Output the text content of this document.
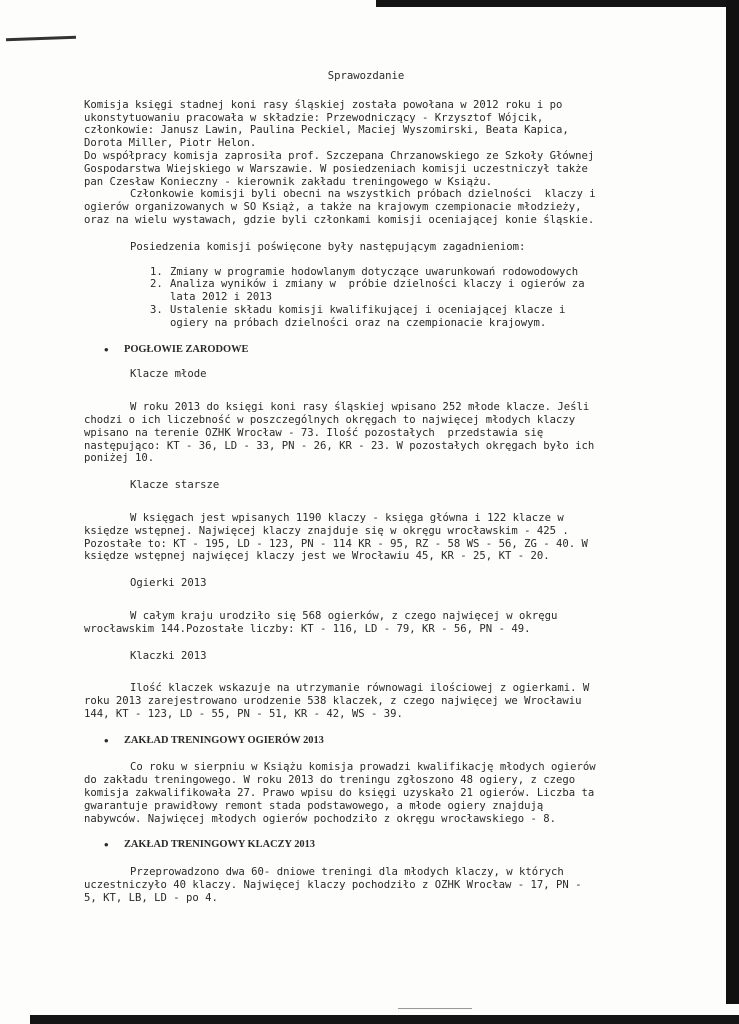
Sprawozdanie

Komisja księgi stadnej koni rasy śląskiej została powołana w 2012 roku i po

ukonstytuowaniu pracowała w składzie: Przewodniczący - Krzysztof Wójcik,

członkowie: Janusz Lawin, Paulina Peckiel, Maciej Wyszomirski, Beata Kapica,

Dorota Miller, Piotr Helon.

Do współpracy komisja zaprosiła prof. Szczepana Chrzanowskiego ze Szkoły Głównej

Gospodarstwa Wiejskiego w Warszawie. W posiedzeniach komisji uczestniczył także

pan Czesław Konieczny - kierownik zakładu treningowego w Książu.

Członkowie komisji byli obecni na wszystkich próbach dzielności  klaczy i

ogierów organizowanych w SO Książ, a także na krajowym czempionacie młodzieży,

oraz na wielu wystawach, gdzie byli członkami komisji oceniającej konie śląskie.

Posiedzenia komisji poświęcone były następującym zagadnieniom:

1. Zmiany w programie hodowlanym dotyczące uwarunkowań rodowodowych

2. Analiza wyników i zmiany w  próbie dzielności klaczy i ogierów za

lata 2012 i 2013

3. Ustalenie składu komisji kwalifikującej i oceniającej klacze i

ogiery na próbach dzielności oraz na czempionacie krajowym.

•	POGŁOWIE ZARODOWE

Klacze młode

W roku 2013 do księgi koni rasy śląskiej wpisano 252 młode klacze. Jeśli

chodzi o ich liczebność w poszczególnych okręgach to najwięcej młodych klaczy

wpisano na terenie OZHK Wrocław - 73. Ilość pozostałych  przedstawia się

następująco: KT - 36, LD - 33, PN - 26, KR - 23. W pozostałych okręgach było ich

poniżej 10.

Klacze starsze

W księgach jest wpisanych 1190 klaczy - księga główna i 122 klacze w

księdze wstępnej. Najwięcej klaczy znajduje się w okręgu wrocławskim - 425 .

Pozostałe to: KT - 195, LD - 123, PN - 114 KR - 95, RZ - 58 WS - 56, ZG - 40. W

księdze wstępnej najwięcej klaczy jest we Wrocławiu 45, KR - 25, KT - 20.

Ogierki 2013

W całym kraju urodziło się 568 ogierków, z czego najwięcej w okręgu

wrocławskim 144.Pozostałe liczby: KT - 116, LD - 79, KR - 56, PN - 49.

Klaczki 2013

Ilość klaczek wskazuje na utrzymanie równowagi ilościowej z ogierkami. W

roku 2013 zarejestrowano urodzenie 538 klaczek, z czego najwięcej we Wrocławiu

144, KT - 123, LD - 55, PN - 51, KR - 42, WS - 39.

•	ZAKŁAD TRENINGOWY OGIERÓW 2013

Co roku w sierpniu w Książu komisja prowadzi kwalifikację młodych ogierów

do zakładu treningowego. W roku 2013 do treningu zgłoszono 48 ogiery, z czego

komisja zakwalifikowała 27. Prawo wpisu do księgi uzyskało 21 ogierów. Liczba ta

gwarantuje prawidłowy remont stada podstawowego, a młode ogiery znajdują

nabywców. Najwięcej młodych ogierów pochodziło z okręgu wrocławskiego - 8.

•	ZAKŁAD TRENINGOWY KLACZY 2013

Przeprowadzono dwa 60- dniowe treningi dla młodych klaczy, w których

uczestniczyło 40 klaczy. Najwięcej klaczy pochodziło z OZHK Wrocław - 17, PN -

5, KT, LB, LD - po 4.
